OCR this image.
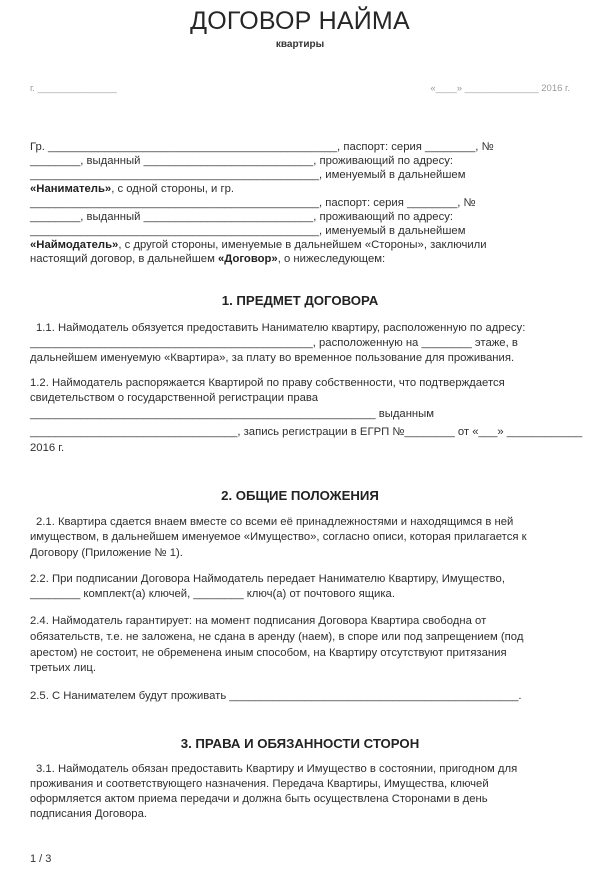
ДОГОВОР НАЙМА
квартиры
г. _______________	«____» ______________ 2016 г.
Гр. ______________________________________________, паспорт: серия ________, №
________, выданный ___________________________, проживающий по адресу:
______________________________________________, именуемый в дальнейшем
«Наниматель», с одной стороны, и гр.
______________________________________________, паспорт: серия ________, №
________, выданный ___________________________, проживающий по адресу:
______________________________________________, именуемый в дальнейшем
«Наймодатель», с другой стороны, именуемые в дальнейшем «Стороны», заключили
настоящий договор, в дальнейшем «Договор», о нижеследующем:
1. ПРЕДМЕТ ДОГОВОРА
1.1. Наймодатель обязуется предоставить Нанимателю квартиру, расположенную по адресу:
_____________________________________________, расположенную на ________ этаже, в
дальнейшем именуемую «Квартира», за плату во временное пользование для проживания.
1.2. Наймодатель распоряжается Квартирой по праву собственности, что подтверждается
свидетельством о государственной регистрации права
_______________________________________________________ выданным
_________________________________, запись регистрации в ЕГРП №________ от «___» ____________
2016 г.
2. ОБЩИЕ ПОЛОЖЕНИЯ
2.1. Квартира сдается внаем вместе со всеми её принадлежностями и находящимся в ней
имуществом, в дальнейшем именуемое «Имущество», согласно описи, которая прилагается к
Договору (Приложение № 1).
2.2. При подписании Договора Наймодатель передает Нанимателю Квартиру, Имущество,
________ комплект(а) ключей, ________ ключ(а) от почтового ящика.
2.4. Наймодатель гарантирует: на момент подписания Договора Квартира свободна от
обязательств, т.е. не заложена, не сдана в аренду (наем), в споре или под запрещением (под
арестом) не состоит, не обременена иным способом, на Квартиру отсутствуют притязания
третьих лиц.
2.5. С Нанимателем будут проживать ______________________________________________.
3. ПРАВА И ОБЯЗАННОСТИ СТОРОН
3.1. Наймодатель обязан предоставить Квартиру и Имущество в состоянии, пригодном для
проживания и соответствующего назначения. Передача Квартиры, Имущества, ключей
оформляется актом приема передачи и должна быть осуществлена Сторонами в день
подписания Договора.
1 / 3
